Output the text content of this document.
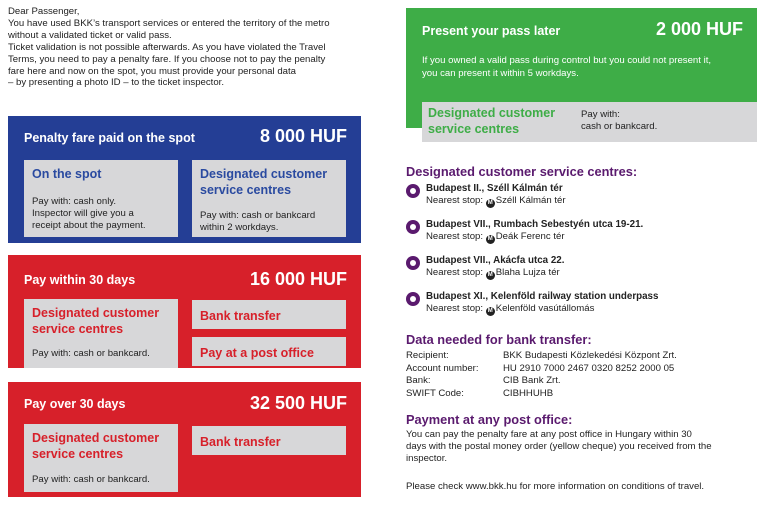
Dear Passenger,
You have used BKK’s transport services or entered the territory of the metro
without a validated ticket or valid pass.
Ticket validation is not possible afterwards. As you have violated the Travel
Terms, you need to pay a penalty fare. If you choose not to pay the penalty
fare here and now on the spot, you must provide your personal data
– by presenting a photo ID – to the ticket inspector.

Penalty fare paid on the spot	8 000 HUF
On the spot
Pay with: cash only.
Inspector will give you a
receipt about the payment.
Designated customer
service centres
Pay with: cash or bankcard
within 2 workdays.
Pay within 30 days	16 000 HUF
Designated customer
service centres
Pay with: cash or bankcard.
Bank transfer
Pay at a post office
Pay over 30 days	32 500 HUF
Designated customer
service centres
Pay with: cash or bankcard.
Bank transfer
Present your pass later	2 000 HUF
If you owned a valid pass during control but you could not present it,
you can present it within 5 workdays.
Designated customer
service centres
Pay with:
cash or bankcard.
Designated customer service centres:
Budapest II., Széll Kálmán tér
Nearest stop: M Széll Kálmán tér
Budapest VII., Rumbach Sebestyén utca 19-21.
Nearest stop: M Deák Ferenc tér
Budapest VII., Akácfa utca 22.
Nearest stop: M Blaha Lujza tér
Budapest XI., Kelenföld railway station underpass
Nearest stop: M Kelenföld vasútállomás
Data needed for bank transfer:
Recipient:	BKK Budapesti Közlekedési Központ Zrt.
Account number:	HU 2910 7000 2467 0320 8252 2000 05
Bank:	CIB Bank Zrt.
SWIFT Code:	CIBHHUHB
Payment at any post office:
You can pay the penalty fare at any post office in Hungary within 30
days with the postal money order (yellow cheque) you received from the
inspector.
Please check www.bkk.hu for more information on conditions of travel.
